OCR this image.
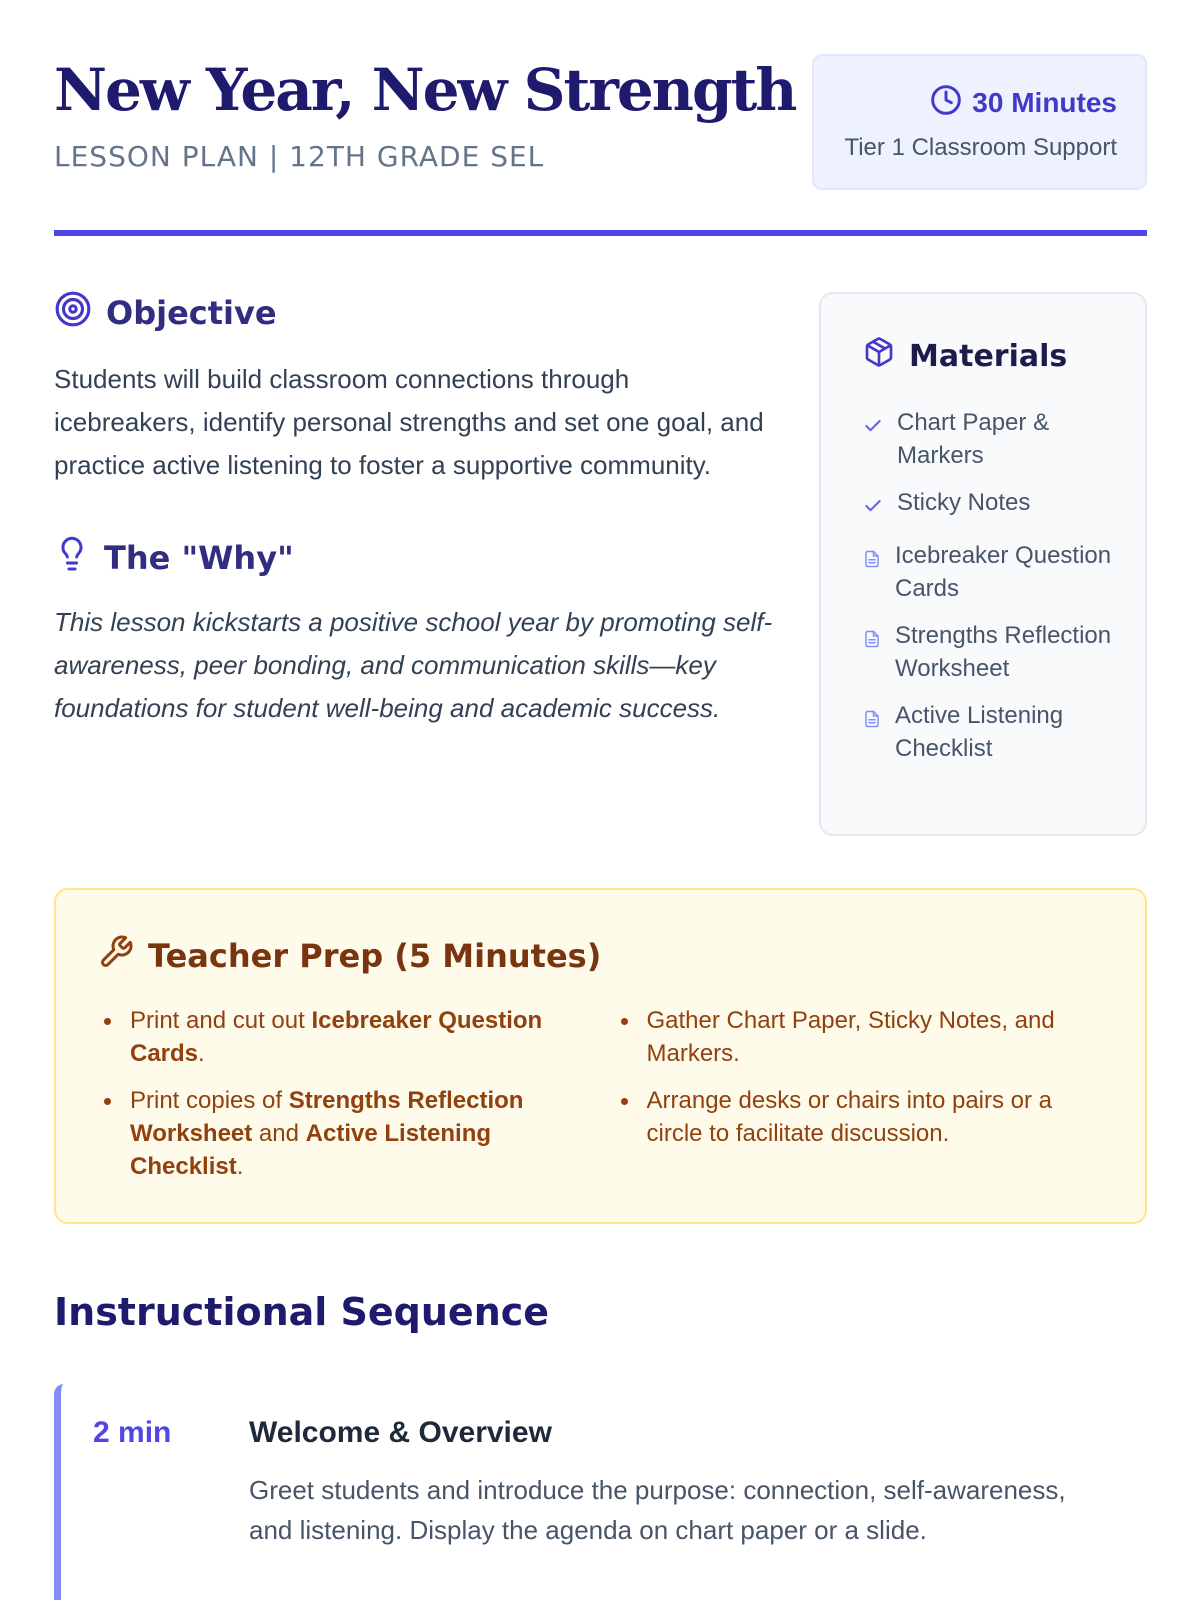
New Year, New Strength
LESSON PLAN | 12TH GRADE SEL
30 Minutes
Tier 1 Classroom Support
Objective

Students will build classroom connections through icebreakers, identify personal strengths and set one goal, and practice active listening to foster a supportive community.

The "Why"

This lesson kickstarts a positive school year by promoting self-awareness, peer bonding, and communication skills—key foundations for student well-being and academic success.

Materials
Chart Paper & Markers
Sticky Notes
Icebreaker Question Cards
Strengths Reflection Worksheet
Active Listening Checklist
Teacher Prep (5 Minutes)
Print and cut out Icebreaker Question Cards.
Print copies of Strengths Reflection Worksheet and Active Listening Checklist.
Gather Chart Paper, Sticky Notes, and Markers.
Arrange desks or chairs into pairs or a circle to facilitate discussion.
Instructional Sequence
2 min	Welcome & Overview

Greet students and introduce the purpose: connection, self-awareness, and listening. Display the agenda on chart paper or a slide.
